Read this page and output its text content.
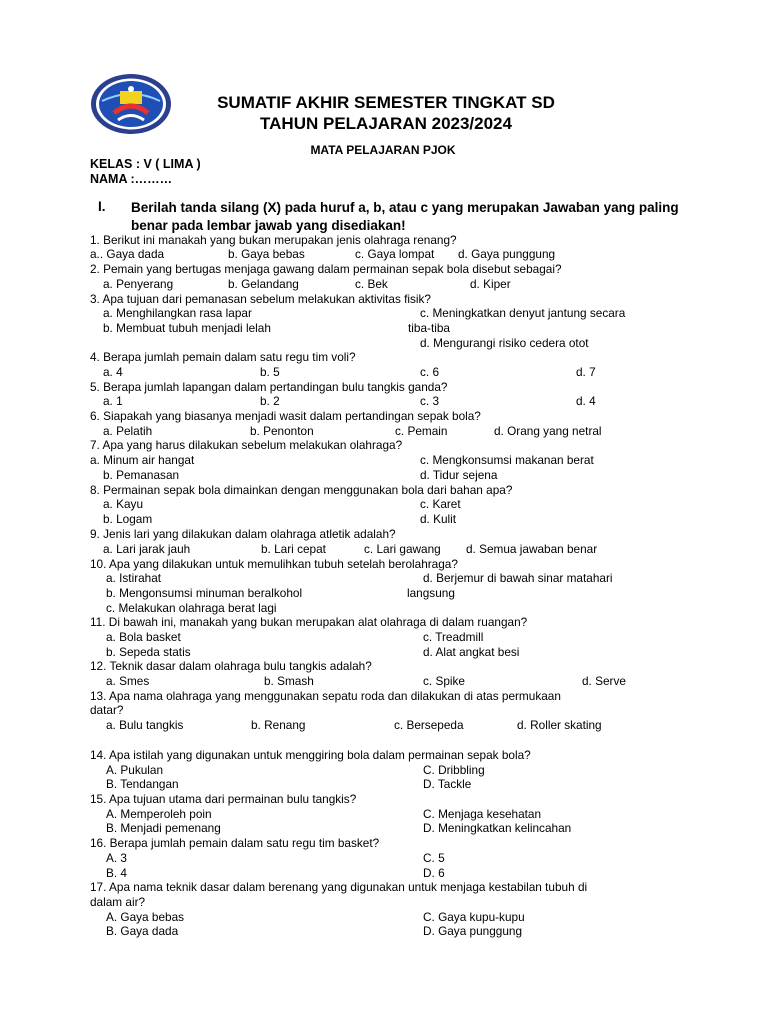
SUMATIF AKHIR SEMESTER TINGKAT SD
TAHUN PELAJARAN 2023/2024
MATA PELAJARAN PJOK
KELAS : V ( LIMA )
NAMA :………
I. Berilah tanda silang (X) pada huruf a, b, atau c yang merupakan Jawaban yang paling benar pada lembar jawab yang disediakan!
1. Berikut ini manakah yang bukan merupakan jenis olahraga renang?
a.. Gaya dada	b. Gaya bebas	c. Gaya lompat d. Gaya punggung
2. Pemain yang bertugas menjaga gawang dalam permainan sepak bola disebut sebagai?
a. Penyerang	b. Gelandang	c. Bek	d. Kiper
3. Apa tujuan dari pemanasan sebelum melakukan aktivitas fisik?
a. Menghilangkan rasa lapar	c. Meningkatkan denyut jantung secara
b. Membuat tubuh menjadi lelah	tiba-tiba
d. Mengurangi risiko cedera otot
4. Berapa jumlah pemain dalam satu regu tim voli?
a. 4	b. 5	c. 6	d. 7
5. Berapa jumlah lapangan dalam pertandingan bulu tangkis ganda?
a. 1	b. 2	c. 3	d. 4
6. Siapakah yang biasanya menjadi wasit dalam pertandingan sepak bola?
a. Pelatih	b. Penonton	c. Pemain	d. Orang yang netral
7. Apa yang harus dilakukan sebelum melakukan olahraga?
a. Minum air hangat	c. Mengkonsumsi makanan berat
b. Pemanasan	d. Tidur sejena
8. Permainan sepak bola dimainkan dengan menggunakan bola dari bahan apa?
a. Kayu	c. Karet
b. Logam	d. Kulit
9. Jenis lari yang dilakukan dalam olahraga atletik adalah?
a. Lari jarak jauh	b. Lari cepat	c. Lari gawang d. Semua jawaban benar
10. Apa yang dilakukan untuk memulihkan tubuh setelah berolahraga?
a. Istirahat	d. Berjemur di bawah sinar matahari
b. Mengonsumsi minuman beralkohol	langsung
c. Melakukan olahraga berat lagi
11. Di bawah ini, manakah yang bukan merupakan alat olahraga di dalam ruangan?
a. Bola basket	c. Treadmill
b. Sepeda statis	d. Alat angkat besi
12. Teknik dasar dalam olahraga bulu tangkis adalah?
a. Smes	b. Smash	c. Spike	d. Serve
13. Apa nama olahraga yang menggunakan sepatu roda dan dilakukan di atas permukaan
datar?
a. Bulu tangkis	b. Renang	c. Bersepeda	d. Roller skating
14. Apa istilah yang digunakan untuk menggiring bola dalam permainan sepak bola?
A. Pukulan	C. Dribbling
B. Tendangan	D. Tackle
15. Apa tujuan utama dari permainan bulu tangkis?
A. Memperoleh poin	C. Menjaga kesehatan
B. Menjadi pemenang	D. Meningkatkan kelincahan
16. Berapa jumlah pemain dalam satu regu tim basket?
A. 3	C. 5
B. 4	D. 6
17. Apa nama teknik dasar dalam berenang yang digunakan untuk menjaga kestabilan tubuh di
dalam air?
A. Gaya bebas	C. Gaya kupu-kupu
B. Gaya dada	D. Gaya punggung
